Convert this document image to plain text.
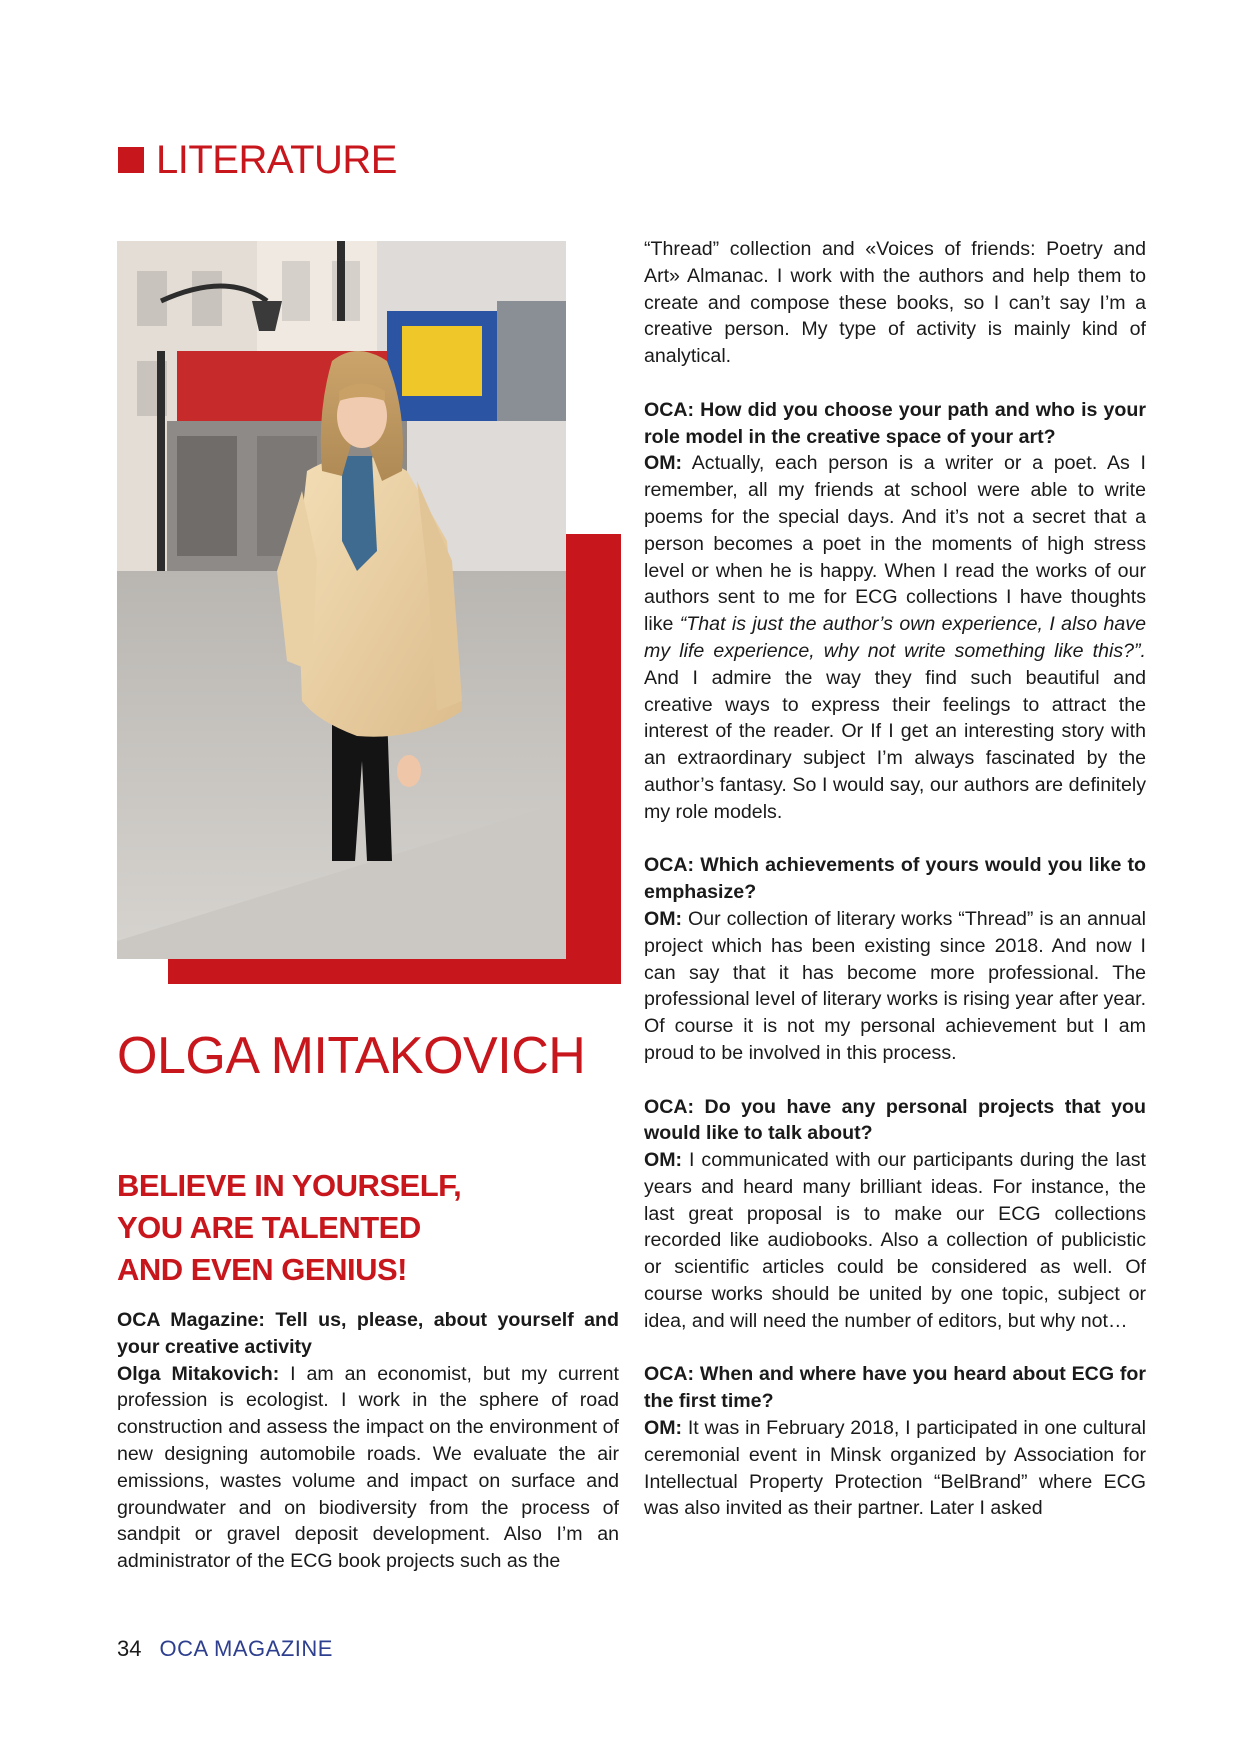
LITERATURE
OLGA MITAKOVICH
BELIEVE IN YOURSELF,
YOU ARE TALENTED
AND EVEN GENIUS!

OCA Magazine: Tell us, please, about yourself and your creative activity

Olga Mitakovich: I am an economist, but my current profession is ecologist. I work in the sphere of road construction and assess the impact on the environment of new designing automobile roads. We evaluate the air emissions, wastes volume and impact on surface and groundwater and on biodiversity from the process of sandpit or gravel deposit development. Also I’m an administrator of the ECG book projects such as the

“Thread” collection and «Voices of friends: Poetry and Art» Almanac. I work with the authors and help them to create and compose these books, so I can’t say I’m a creative person. My type of activity is mainly kind of analytical.

OCA: How did you choose your path and who is your role model in the creative space of your art?

OM: Actually, each person is a writer or a poet. As I remember, all my friends at school were able to write poems for the special days. And it’s not a secret that a person becomes a poet in the moments of high stress level or when he is happy. When I read the works of our authors sent to me for ECG collections I have thoughts like “That is just the author’s own experience, I also have my life experience, why not write something like this?”. And I admire the way they find such beautiful and creative ways to express their feelings to attract the interest of the reader. Or If I get an interesting story with an extraordinary subject I’m always fascinated by the author’s fantasy. So I would say, our authors are definitely my role models.

OCA: Which achievements of yours would you like to emphasize?

OM: Our collection of literary works “Thread” is an annual project which has been existing since 2018. And now I can say that it has become more professional. The professional level of literary works is rising year after year. Of course it is not my personal achievement but I am proud to be involved in this process.

OCA: Do you have any personal projects that you would like to talk about?

OM: I communicated with our participants during the last years and heard many brilliant ideas. For instance, the last great proposal is to make our ECG collections recorded like audiobooks. Also a collection of publicistic or scientific articles could be considered as well. Of course works should be united by one topic, subject or idea, and will need the number of editors, but why not…

OCA: When and where have you heard about ECG for the first time?

OM: It was in February 2018, I participated in one cultural ceremonial event in Minsk organized by Association for Intellectual Property Protection “BelBrand” where ECG was also invited as their partner. Later I asked

34 OCA MAGAZINE
